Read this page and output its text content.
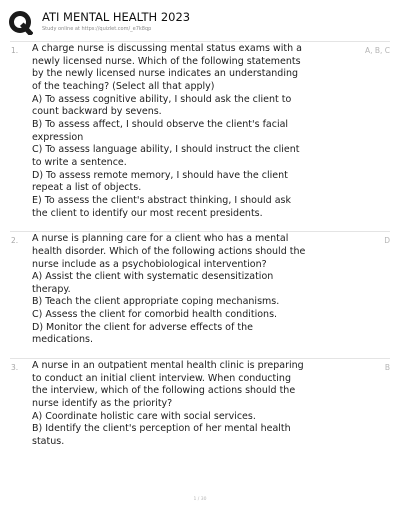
ATI MENTAL HEALTH 2023
Study online at https://quizlet.com/_e7k8qp
1.	A, B, C

A charge nurse is discussing mental status exams with a newly licensed nurse. Which of the following statements by the newly licensed nurse indicates an understanding of the teaching? (Select all that apply)

A) To assess cognitive ability, I should ask the client to count backward by sevens.

B) To assess affect, I should observe the client's facial expression

C) To assess language ability, I should instruct the client to write a sentence.

D) To assess remote memory, I should have the client repeat a list of objects.

E) To assess the client's abstract thinking, I should ask the client to identify our most recent presidents.

2.	D

A nurse is planning care for a client who has a mental health disorder. Which of the following actions should the nurse include as a psychobiological intervention?

A) Assist the client with systematic desensitization therapy.

B) Teach the client appropriate coping mechanisms.

C) Assess the client for comorbid health conditions.

D) Monitor the client for adverse effects of the medications.

3.	B

A nurse in an outpatient mental health clinic is preparing to conduct an initial client interview. When conducting the interview, which of the following actions should the nurse identify as the priority?

A) Coordinate holistic care with social services.

B) Identify the client's perception of her mental health status.

1 / 30
